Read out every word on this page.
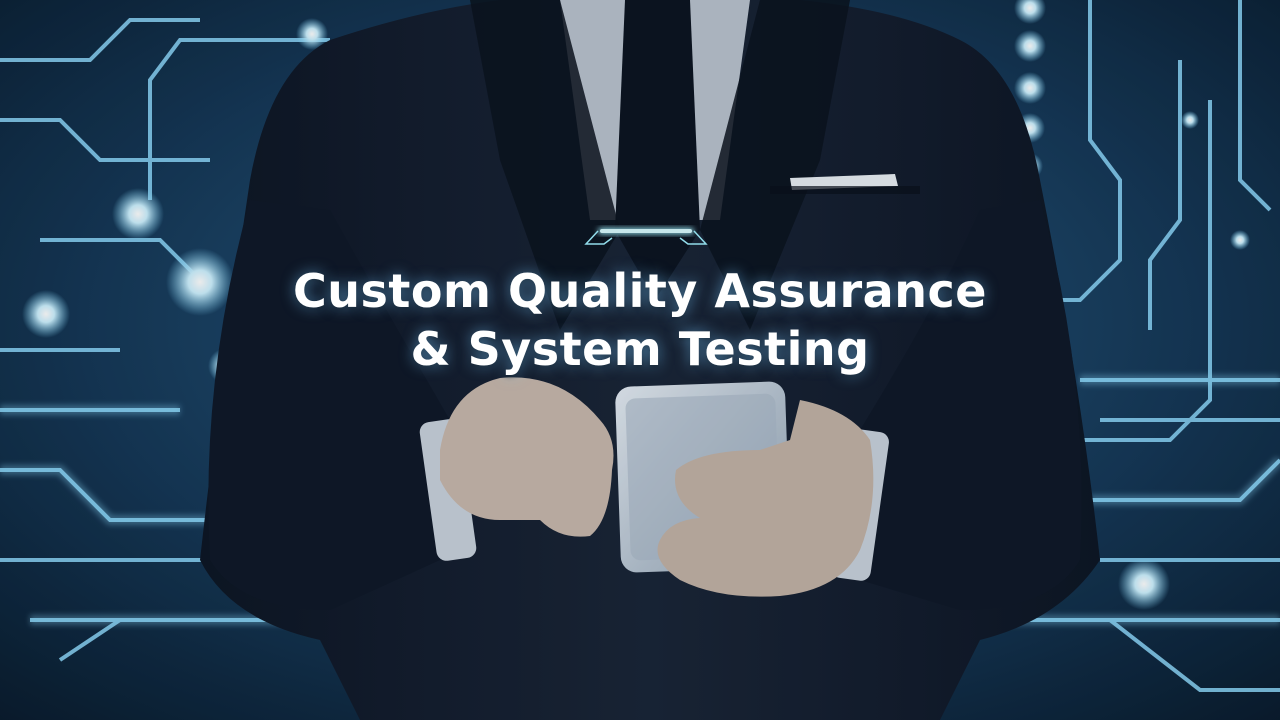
Custom Quality Assurance
& System Testing
